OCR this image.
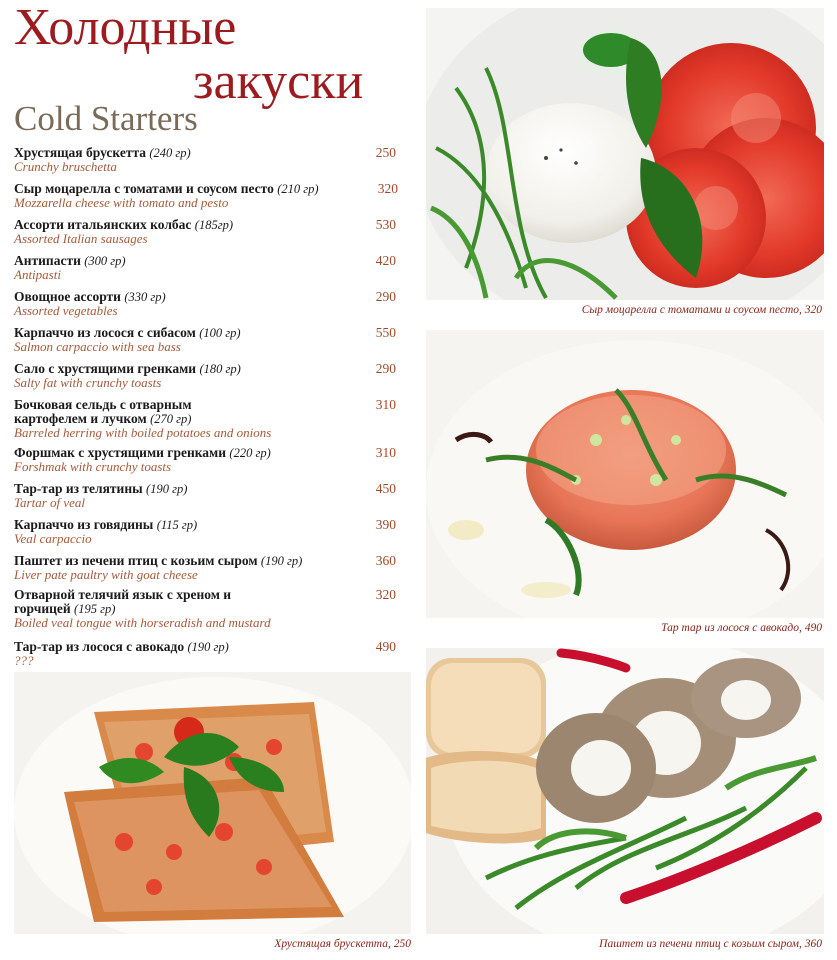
Холодные
закуски
Cold Starters
Хрустящая брускетта (240 гр)
Crunchy bruschetta
250
Сыр моцарелла с томатами и соусом песто (210 гр)
Mozzarella cheese with tomato and pesto
320
Ассорти итальянских колбас (185гр)
Assorted Italian sausages
530
Антипасти (300 гр)
Antipasti
420
Овощное ассорти (330 гр)
Assorted vegetables
290
Карпаччо из лосося с сибасом (100 гр)
Salmon carpaccio with sea bass
550
Сало с хрустящими гренками (180 гр)
Salty fat with crunchy toasts
290
Бочковая сельдь с отварным картофелем и лучком (270 гр)
Barreled herring with boiled potatoes and onions
310
Форшмак с хрустящими гренками (220 гр)
Forshmak with crunchy toasts
310
Тар-тар из телятины (190 гр)
Tartar of veal
450
Карпаччо из говядины (115 гр)
Veal carpaccio
390
Паштет из печени птиц с козьим сыром (190 гр)
Liver pate paultry with goat cheese
360
Отварной телячий язык с хреном и горчицей (195 гр)
Boiled veal tongue with horseradish and mustard
320
Тар-тар из лосося с авокадо (190 гр)
???
490

Сыр моцарелла с томатами и соусом песто, 320

Тар тар из лосося с авокадо, 490

Хрустящая брускетта, 250	Паштет из печени птиц с козьим сыром, 360
